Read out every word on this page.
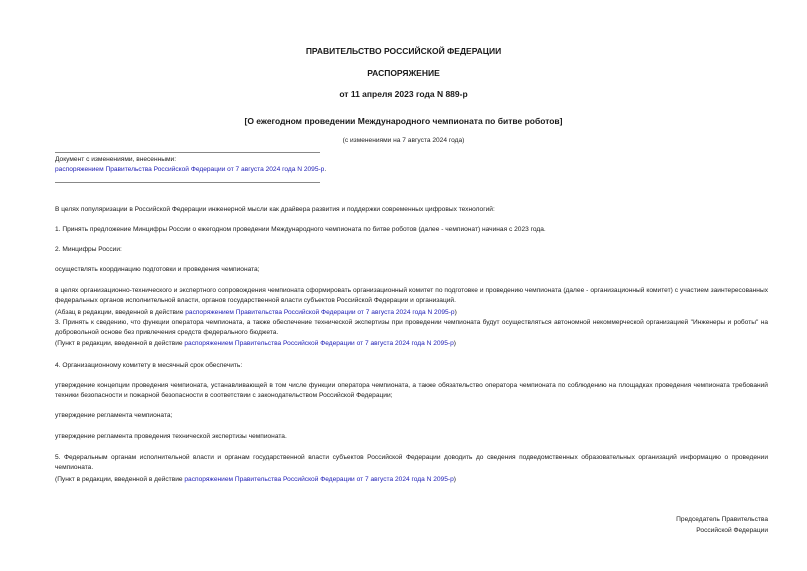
ПРАВИТЕЛЬСТВО РОССИЙСКОЙ ФЕДЕРАЦИИ

РАСПОРЯЖЕНИЕ

от 11 апреля 2023 года N 889-р

[О ежегодном проведении Международного чемпионата по битве роботов]

(с изменениями на 7 августа 2024 года)

Документ с изменениями, внесенными:

распоряжением Правительства Российской Федерации от 7 августа 2024 года N 2095-р.

В целях популяризации в Российской Федерации инженерной мысли как драйвера развития и поддержки современных цифровых технологий:

1. Принять предложение Минцифры России о ежегодном проведении Международного чемпионата по битве роботов (далее - чемпионат) начиная с 2023 года.

2. Минцифры России:

осуществлять координацию подготовки и проведения чемпионата;

в целях организационно-технического и экспертного сопровождения чемпионата сформировать организационный комитет по подготовке и проведению чемпионата (далее - организационный комитет) с участием заинтересованных федеральных органов исполнительной власти, органов государственной власти субъектов Российской Федерации и организаций.

(Абзац в редакции, введенной в действие распоряжением Правительства Российской Федерации от 7 августа 2024 года N 2095-р)

3. Принять к сведению, что функции оператора чемпионата, а также обеспечение технической экспертизы при проведении чемпионата будут осуществляться автономной некоммерческой организацией "Инженеры и роботы" на добровольной основе без привлечения средств федерального бюджета.

(Пункт в редакции, введенной в действие распоряжением Правительства Российской Федерации от 7 августа 2024 года N 2095-р)

4. Организационному комитету в месячный срок обеспечить:

утверждение концепции проведения чемпионата, устанавливающей в том числе функции оператора чемпионата, а также обязательство оператора чемпионата по соблюдению на площадках проведения чемпионата требований техники безопасности и пожарной безопасности в соответствии с законодательством Российской Федерации;

утверждение регламента чемпионата;

утверждение регламента проведения технической экспертизы чемпионата.

5. Федеральным органам исполнительной власти и органам государственной власти субъектов Российской Федерации доводить до сведения подведомственных образовательных организаций информацию о проведении чемпионата.

(Пункт в редакции, введенной в действие распоряжением Правительства Российской Федерации от 7 августа 2024 года N 2095-р)

Председатель Правительства

Российской Федерации
